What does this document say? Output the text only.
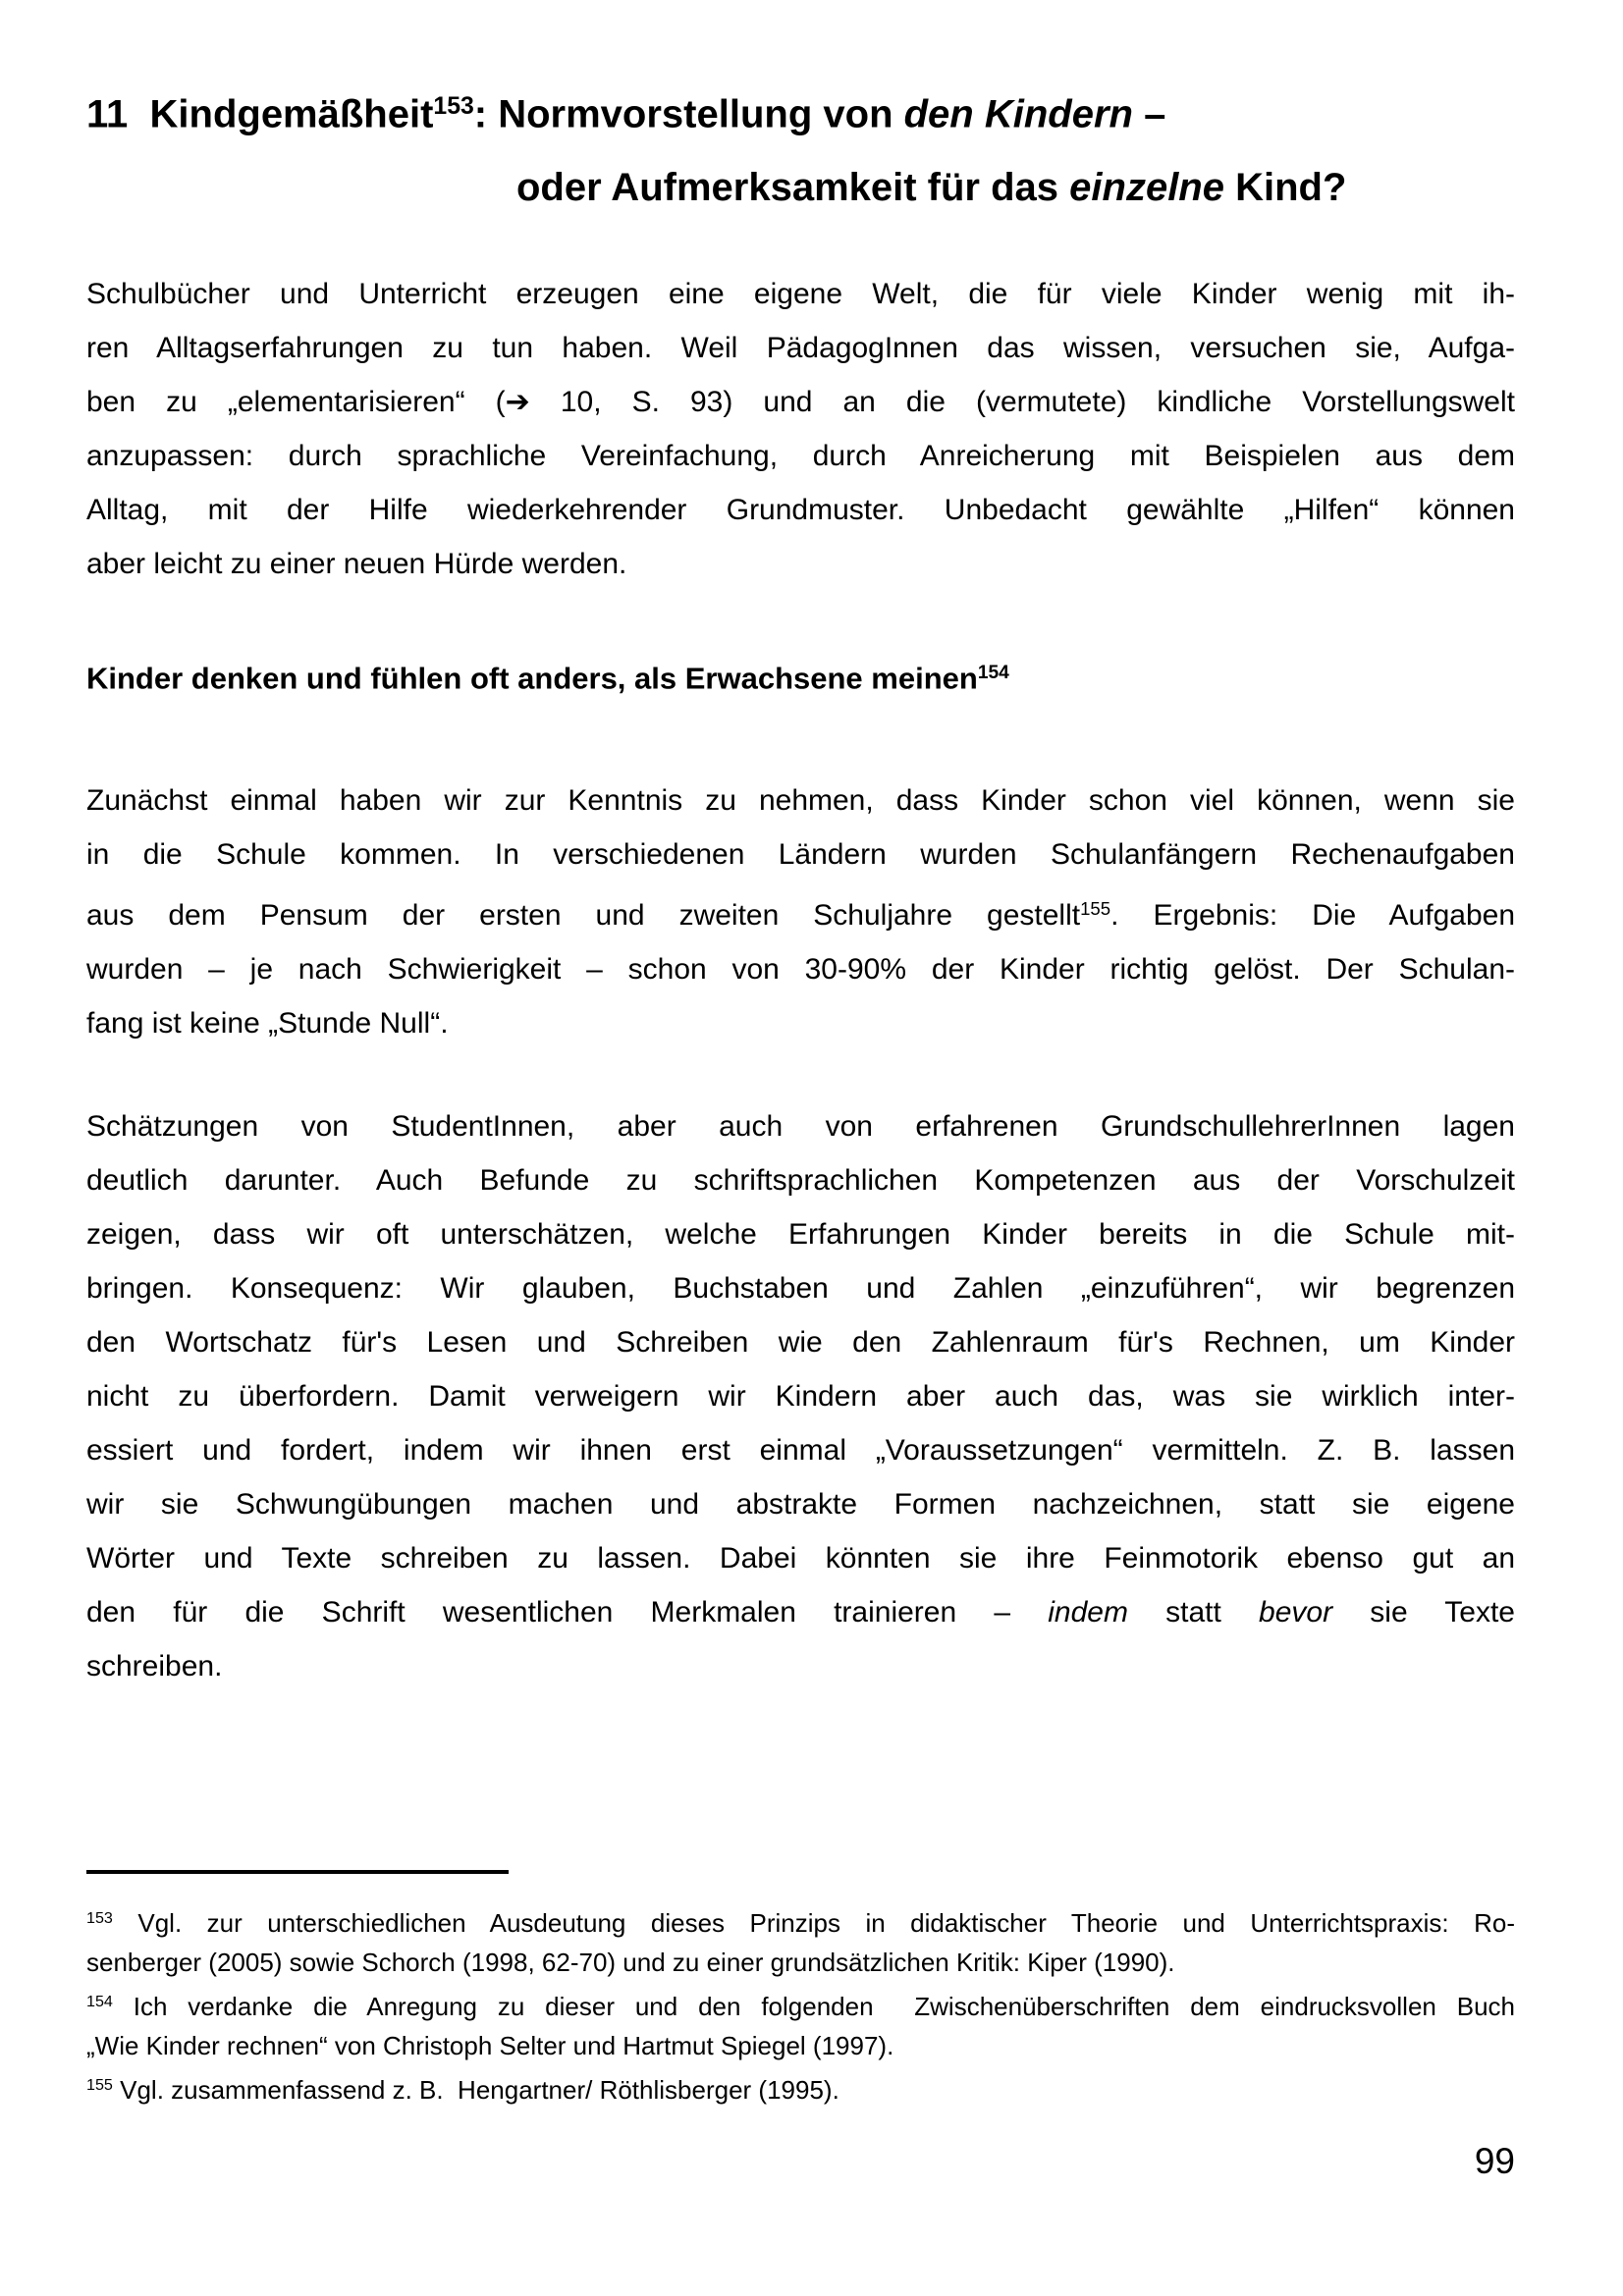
11  Kindgemäßheit$^{153}$: Normvorstellung von den Kindern –
oder Aufmerksamkeit für das einzelne Kind?
Schulbücher und Unterricht erzeugen eine eigene Welt, die für viele Kinder wenig mit ih-
ren Alltagserfahrungen zu tun haben. Weil PädagogInnen das wissen, versuchen sie, Aufga-
ben zu „elementarisieren“ (➔ 10, S. 93) und an die (vermutete) kindliche Vorstellungswelt
anzupassen: durch sprachliche Vereinfachung, durch Anreicherung mit Beispielen aus dem
Alltag, mit der Hilfe wiederkehrender Grundmuster. Unbedacht gewählte „Hilfen“ können
aber leicht zu einer neuen Hürde werden.
Kinder denken und fühlen oft anders, als Erwachsene meinen$^{154}$
Zunächst einmal haben wir zur Kenntnis zu nehmen, dass Kinder schon viel können, wenn sie
in die Schule kommen. In verschiedenen Ländern wurden Schulanfängern Rechenaufgaben
aus dem Pensum der ersten und zweiten Schuljahre gestellt$^{155}$. Ergebnis: Die Aufgaben
wurden – je nach Schwierigkeit – schon von 30-90% der Kinder richtig gelöst. Der Schulan-
fang ist keine „Stunde Null“.
Schätzungen von StudentInnen, aber auch von erfahrenen GrundschullehrerInnen lagen
deutlich darunter. Auch Befunde zu schriftsprachlichen Kompetenzen aus der Vorschulzeit
zeigen, dass wir oft unterschätzen, welche Erfahrungen Kinder bereits in die Schule mit-
bringen. Konsequenz: Wir glauben, Buchstaben und Zahlen „einzuführen“, wir begrenzen
den Wortschatz für's Lesen und Schreiben wie den Zahlenraum für's Rechnen, um Kinder
nicht zu überfordern. Damit verweigern wir Kindern aber auch das, was sie wirklich inter-
essiert und fordert, indem wir ihnen erst einmal „Voraussetzungen“ vermitteln. Z. B. lassen
wir sie Schwungübungen machen und abstrakte Formen nachzeichnen, statt sie eigene
Wörter und Texte schreiben zu lassen. Dabei könnten sie ihre Feinmotorik ebenso gut an
den für die Schrift wesentlichen Merkmalen trainieren – indem statt bevor sie Texte
schreiben.
$^{153}$ Vgl. zur unterschiedlichen Ausdeutung dieses Prinzips in didaktischer Theorie und Unterrichtspraxis: Ro-
senberger (2005) sowie Schorch (1998, 62-70) und zu einer grundsätzlichen Kritik: Kiper (1990).
$^{154}$ Ich verdanke die Anregung zu dieser und den folgenden  Zwischenüberschriften dem eindrucksvollen Buch
„Wie Kinder rechnen“ von Christoph Selter und Hartmut Spiegel (1997).
$^{155}$ Vgl. zusammenfassend z. B.  Hengartner/ Röthlisberger (1995).
99
